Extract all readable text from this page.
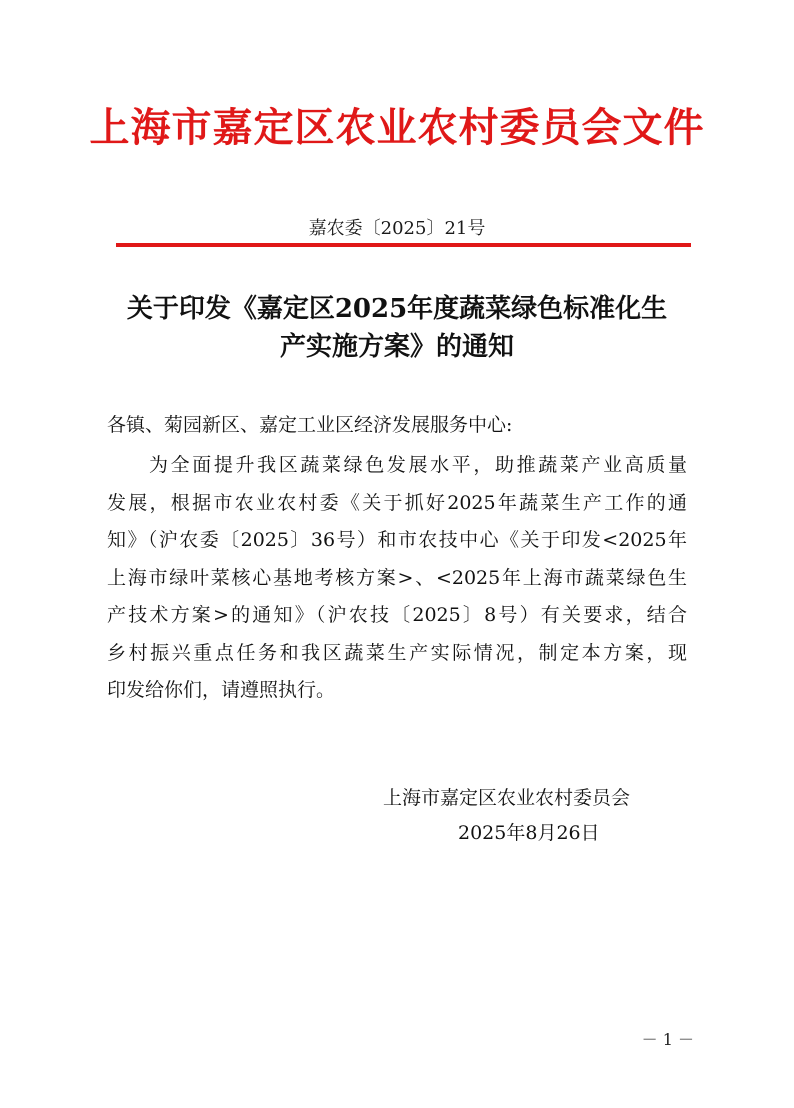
上海市嘉定区农业农村委员会文件
嘉农委〔2025〕21号
关于印发《嘉定区2025年度蔬菜绿色标准化生
产实施方案》的通知
各镇、菊园新区、嘉定工业区经济发展服务中心:
为全面提升我区蔬菜绿色发展水平，助推蔬菜产业高质量
发展，根据市农业农村委《关于抓好2025年蔬菜生产工作的通
知》（沪农委〔2025〕36号）和市农技中心《关于印发<2025年
上海市绿叶菜核心基地考核方案>、<2025年上海市蔬菜绿色生
产技术方案>的通知》（沪农技〔2025〕8号）有关要求，结合
乡村振兴重点任务和我区蔬菜生产实际情况，制定本方案，现
印发给你们，请遵照执行。
上海市嘉定区农业农村委员会
2025年8月26日
－ 1 －
